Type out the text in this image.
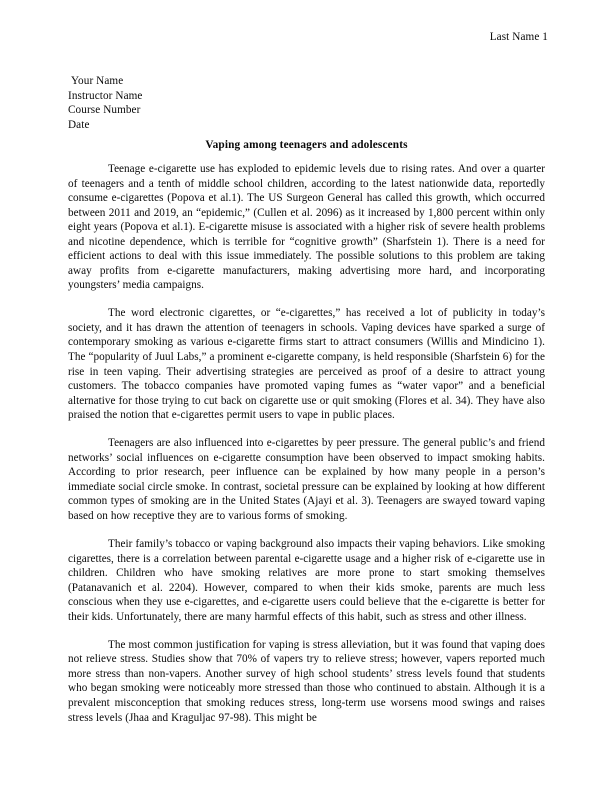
Last Name 1
Your Name
Instructor Name
Course Number
Date
Vaping among teenagers and adolescents

Teenage e-cigarette use has exploded to epidemic levels due to rising rates. And over a quarter of teenagers and a tenth of middle school children, according to the latest nationwide data, reportedly consume e-cigarettes (Popova et al.1). The US Surgeon General has called this growth, which occurred between 2011 and 2019, an “epidemic,” (Cullen et al. 2096) as it increased by 1,800 percent within only eight years (Popova et al.1). E-cigarette misuse is associated with a higher risk of severe health problems and nicotine dependence, which is terrible for “cognitive growth” (Sharfstein 1). There is a need for efficient actions to deal with this issue immediately. The possible solutions to this problem are taking away profits from e-cigarette manufacturers, making advertising more hard, and incorporating youngsters’ media campaigns.

The word electronic cigarettes, or “e-cigarettes,” has received a lot of publicity in today’s society, and it has drawn the attention of teenagers in schools. Vaping devices have sparked a surge of contemporary smoking as various e-cigarette firms start to attract consumers (Willis and Mindicino 1). The “popularity of Juul Labs,” a prominent e-cigarette company, is held responsible (Sharfstein 6) for the rise in teen vaping. Their advertising strategies are perceived as proof of a desire to attract young customers. The tobacco companies have promoted vaping fumes as “water vapor” and a beneficial alternative for those trying to cut back on cigarette use or quit smoking (Flores et al. 34). They have also praised the notion that e-cigarettes permit users to vape in public places.

Teenagers are also influenced into e-cigarettes by peer pressure. The general public’s and friend networks’ social influences on e-cigarette consumption have been observed to impact smoking habits. According to prior research, peer influence can be explained by how many people in a person’s immediate social circle smoke. In contrast, societal pressure can be explained by looking at how different common types of smoking are in the United States (Ajayi et al. 3). Teenagers are swayed toward vaping based on how receptive they are to various forms of smoking.

Their family’s tobacco or vaping background also impacts their vaping behaviors. Like smoking cigarettes, there is a correlation between parental e-cigarette usage and a higher risk of e-cigarette use in children. Children who have smoking relatives are more prone to start smoking themselves (Patanavanich et al. 2204). However, compared to when their kids smoke, parents are much less conscious when they use e-cigarettes, and e-cigarette users could believe that the e-cigarette is better for their kids. Unfortunately, there are many harmful effects of this habit, such as stress and other illness.

The most common justification for vaping is stress alleviation, but it was found that vaping does not relieve stress. Studies show that 70% of vapers try to relieve stress; however, vapers reported much more stress than non-vapers. Another survey of high school students’ stress levels found that students who began smoking were noticeably more stressed than those who continued to abstain. Although it is a prevalent misconception that smoking reduces stress, long-term use worsens mood swings and raises stress levels (Jhaa and Kraguljac 97-98). This might be
